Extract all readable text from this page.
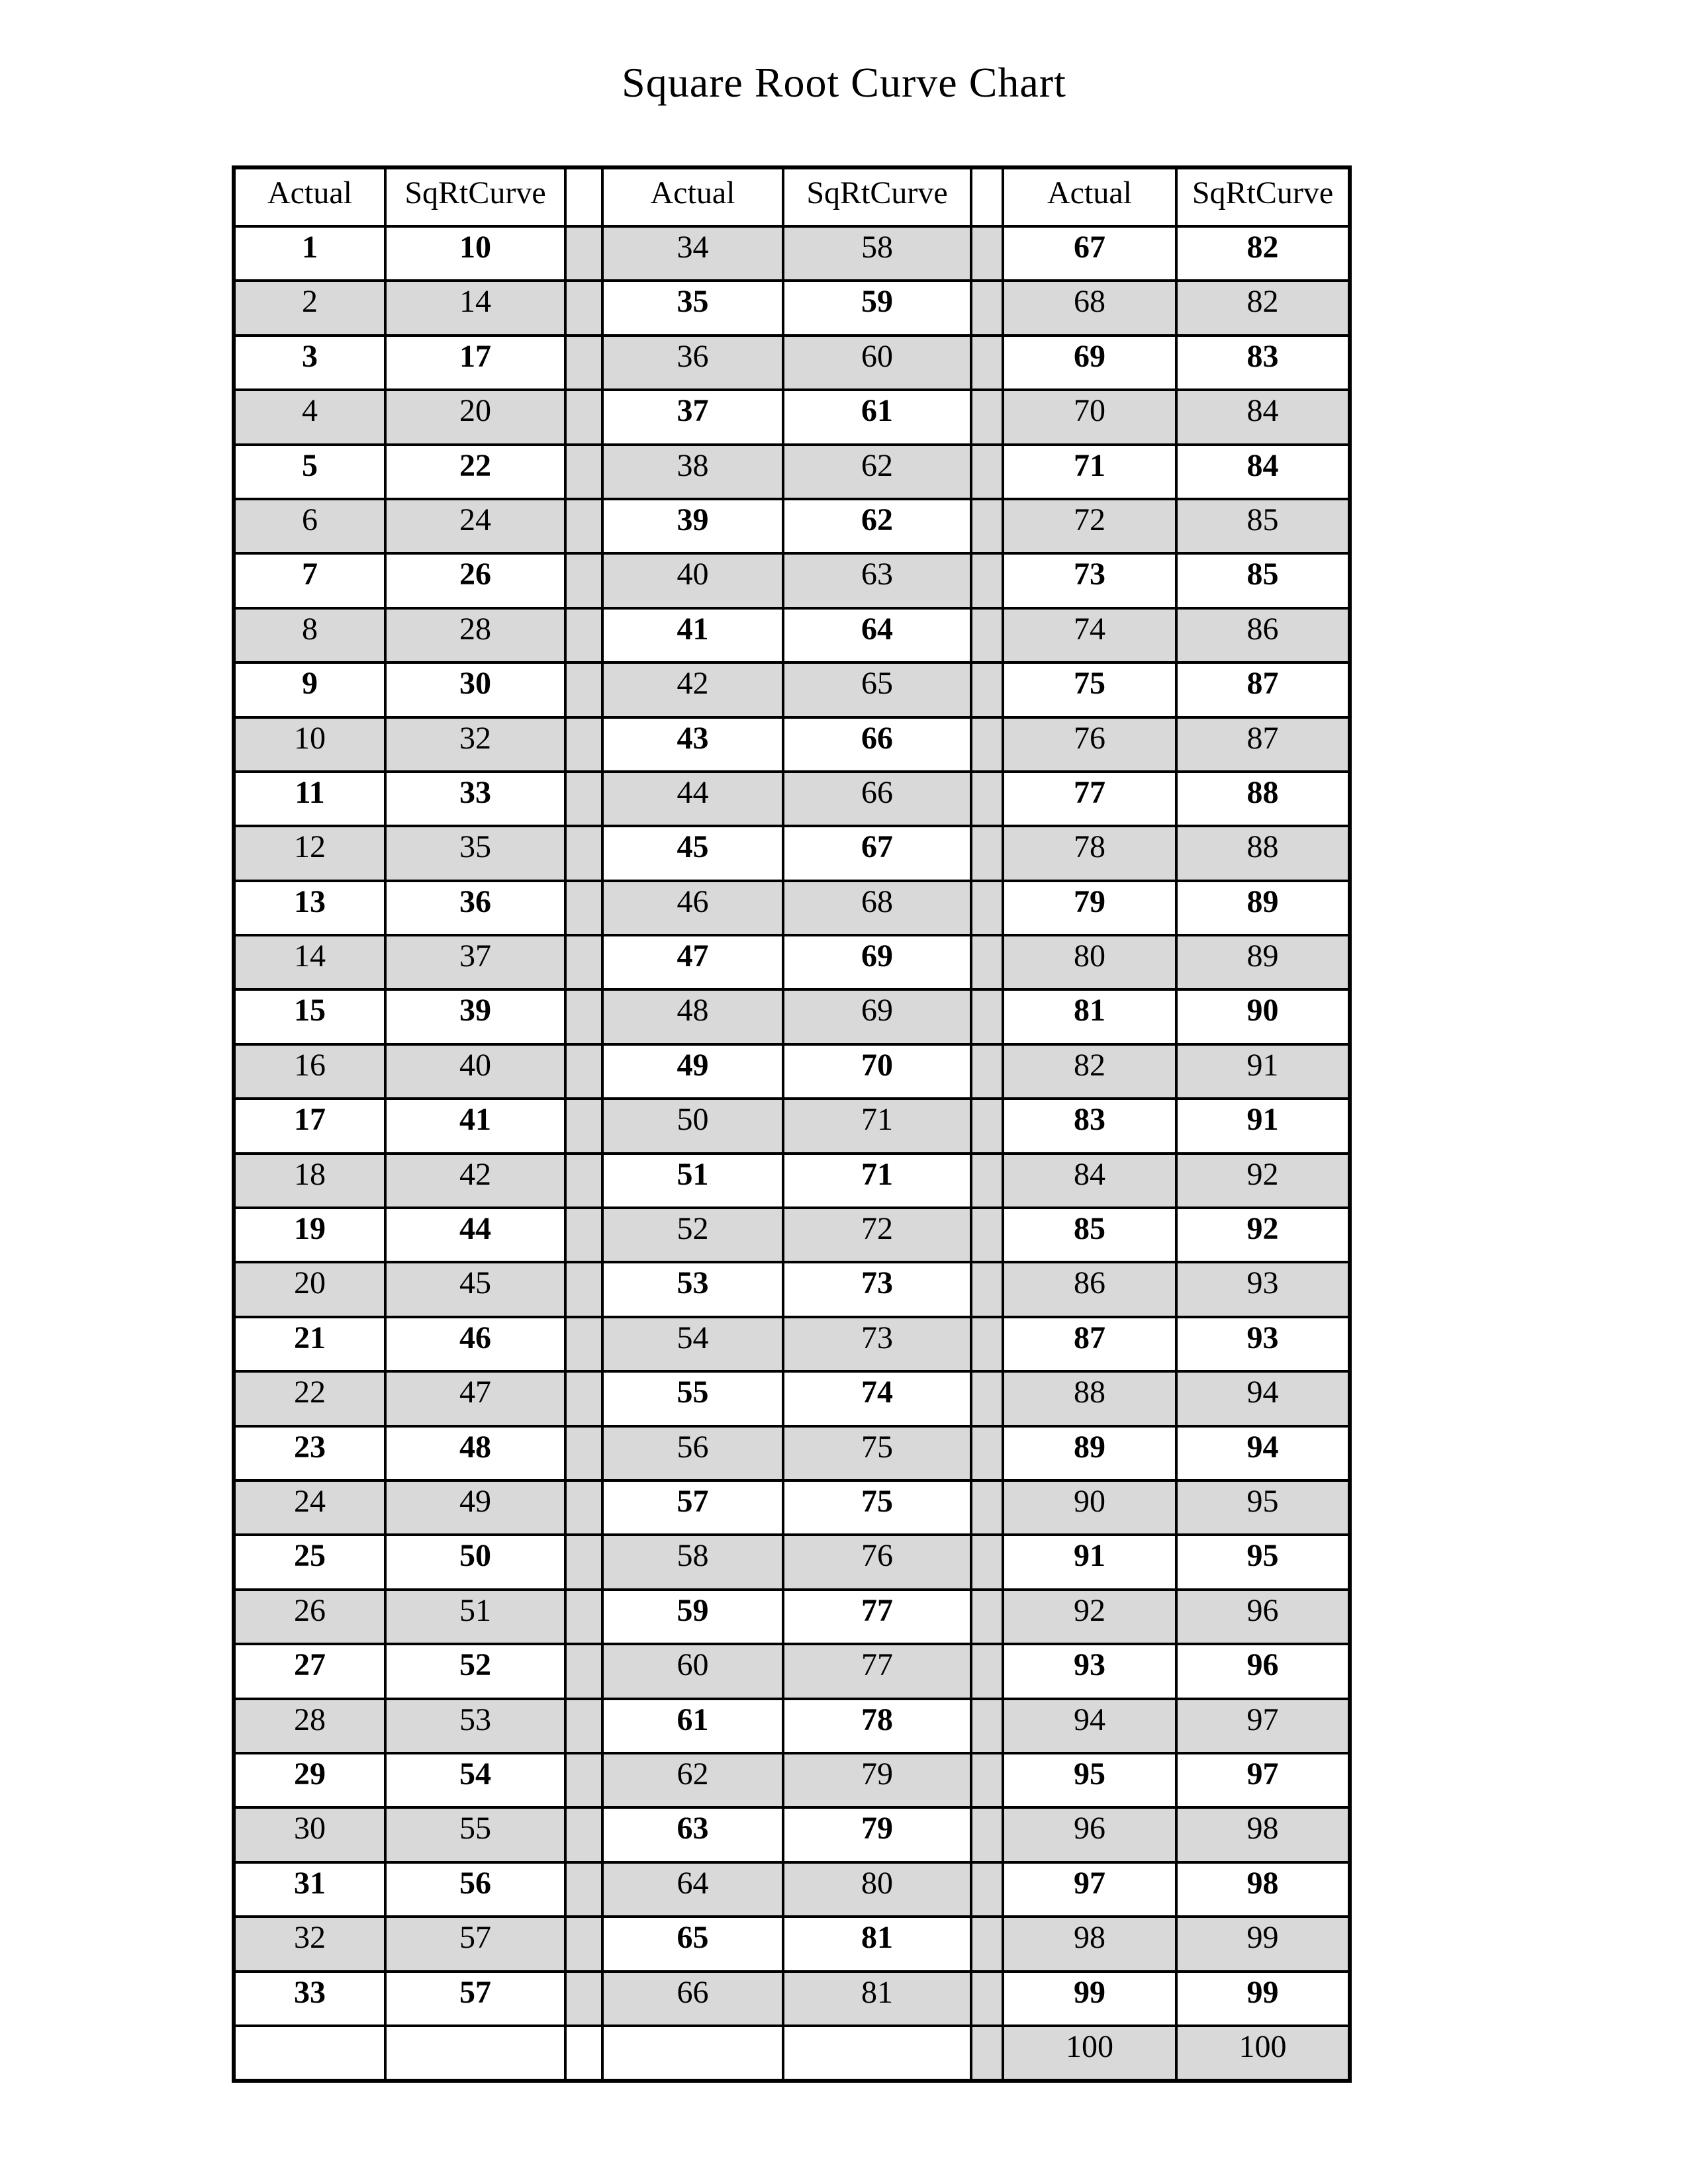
Square Root Curve Chart
Actual	SqRtCurve		Actual	SqRtCurve		Actual	SqRtCurve
1	10		34	58		67	82
2	14		35	59		68	82
3	17		36	60		69	83
4	20		37	61		70	84
5	22		38	62		71	84
6	24		39	62		72	85
7	26		40	63		73	85
8	28		41	64		74	86
9	30		42	65		75	87
10	32		43	66		76	87
11	33		44	66		77	88
12	35		45	67		78	88
13	36		46	68		79	89
14	37		47	69		80	89
15	39		48	69		81	90
16	40		49	70		82	91
17	41		50	71		83	91
18	42		51	71		84	92
19	44		52	72		85	92
20	45		53	73		86	93
21	46		54	73		87	93
22	47		55	74		88	94
23	48		56	75		89	94
24	49		57	75		90	95
25	50		58	76		91	95
26	51		59	77		92	96
27	52		60	77		93	96
28	53		61	78		94	97
29	54		62	79		95	97
30	55		63	79		96	98
31	56		64	80		97	98
32	57		65	81		98	99
33	57		66	81		99	99
						100	100
